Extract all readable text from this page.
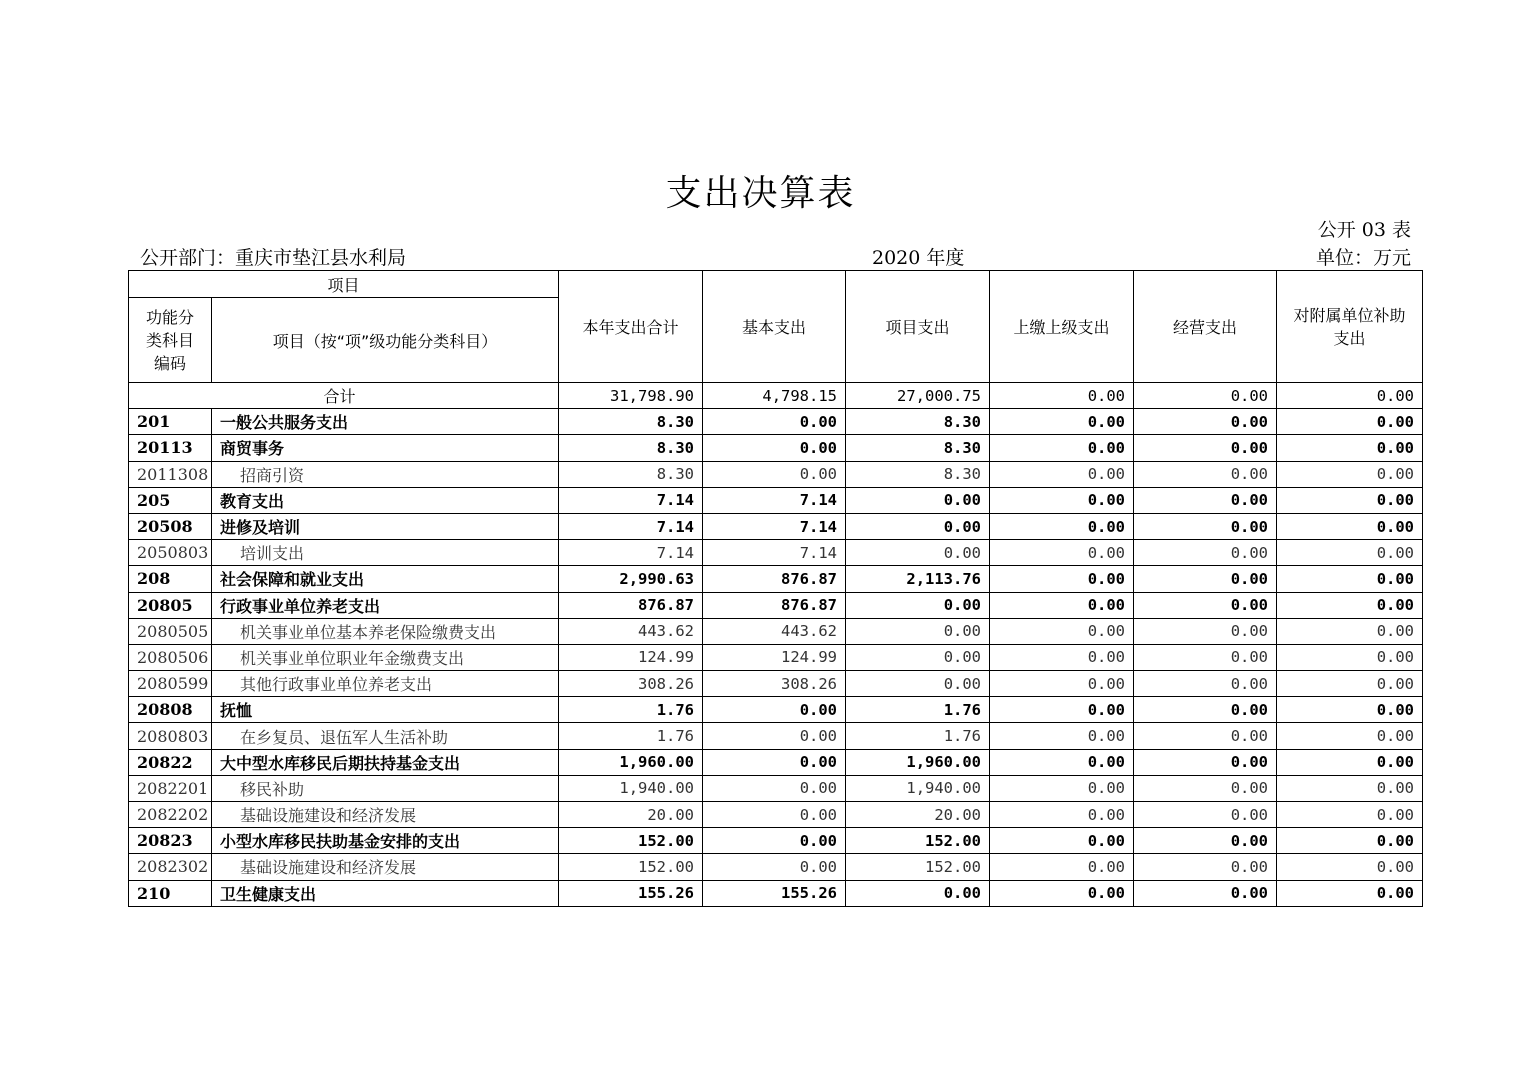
支出决算表
公开 03 表
公开部门：重庆市垫江县水利局	2020 年度	单位：万元
项目		本年支出合计	基本支出	项目支出	上缴上级支出	经营支出	对附属单位补助支出
功能分类科目编码	项目（按“项”级功能分类科目）						
合计		31,798.90	4,798.15	27,000.75	0.00	0.00	0.00
201	一般公共服务支出	8.30	0.00	8.30	0.00	0.00	0.00
20113	商贸事务	8.30	0.00	8.30	0.00	0.00	0.00
2011308	招商引资	8.30	0.00	8.30	0.00	0.00	0.00
205	教育支出	7.14	7.14	0.00	0.00	0.00	0.00
20508	进修及培训	7.14	7.14	0.00	0.00	0.00	0.00
2050803	培训支出	7.14	7.14	0.00	0.00	0.00	0.00
208	社会保障和就业支出	2,990.63	876.87	2,113.76	0.00	0.00	0.00
20805	行政事业单位养老支出	876.87	876.87	0.00	0.00	0.00	0.00
2080505	机关事业单位基本养老保险缴费支出	443.62	443.62	0.00	0.00	0.00	0.00
2080506	机关事业单位职业年金缴费支出	124.99	124.99	0.00	0.00	0.00	0.00
2080599	其他行政事业单位养老支出	308.26	308.26	0.00	0.00	0.00	0.00
20808	抚恤	1.76	0.00	1.76	0.00	0.00	0.00
2080803	在乡复员、退伍军人生活补助	1.76	0.00	1.76	0.00	0.00	0.00
20822	大中型水库移民后期扶持基金支出	1,960.00	0.00	1,960.00	0.00	0.00	0.00
2082201	移民补助	1,940.00	0.00	1,940.00	0.00	0.00	0.00
2082202	基础设施建设和经济发展	20.00	0.00	20.00	0.00	0.00	0.00
20823	小型水库移民扶助基金安排的支出	152.00	0.00	152.00	0.00	0.00	0.00
2082302	基础设施建设和经济发展	152.00	0.00	152.00	0.00	0.00	0.00
210	卫生健康支出	155.26	155.26	0.00	0.00	0.00	0.00
